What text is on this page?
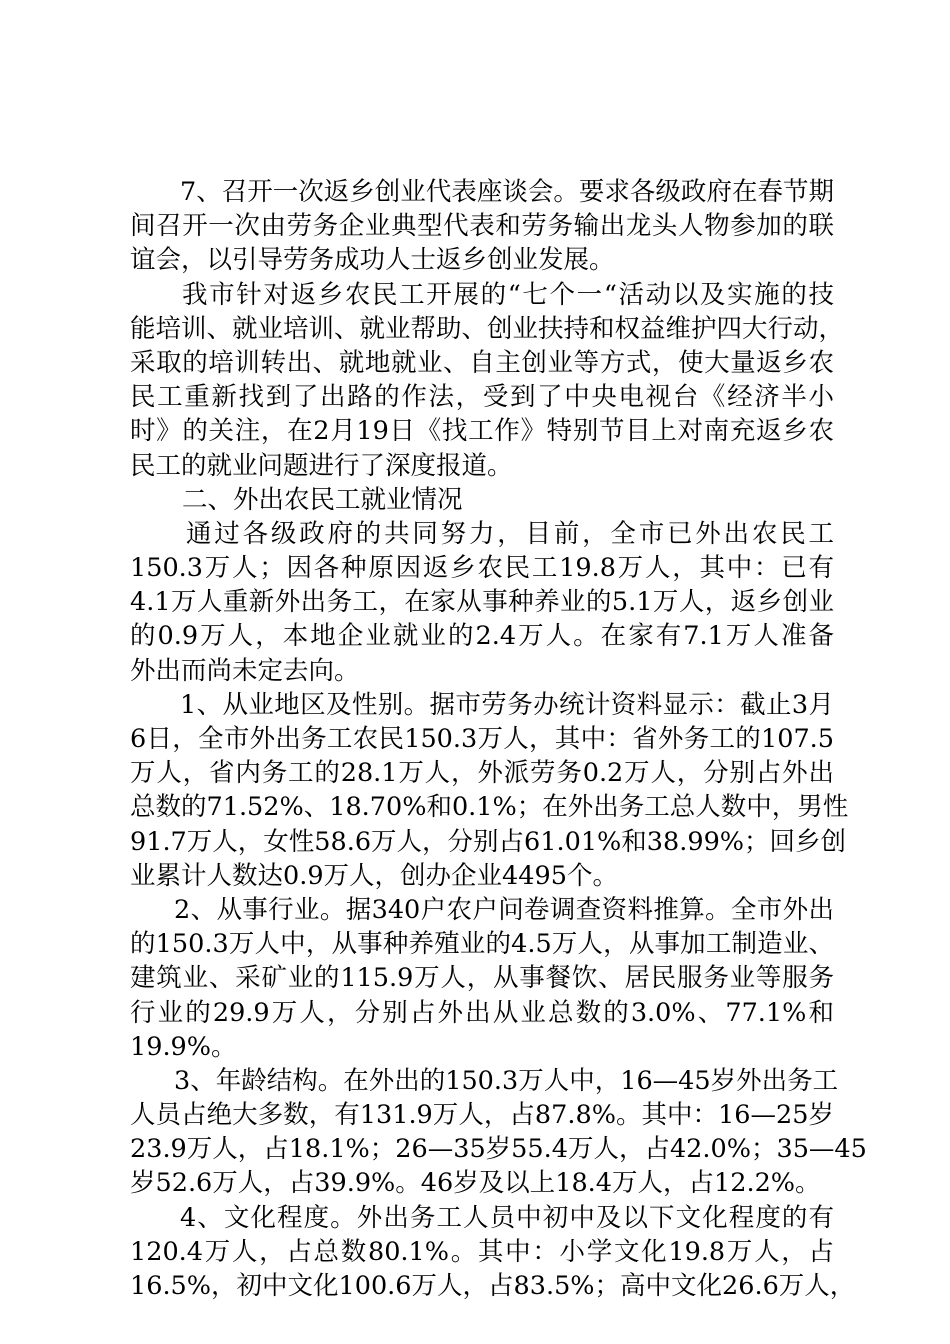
7、召开一次返乡创业代表座谈会。要求各级政府在春节期
间召开一次由劳务企业典型代表和劳务输出龙头人物参加的联
谊会，以引导劳务成功人士返乡创业发展。
我市针对返乡农民工开展的“七个一“活动以及实施的技
能培训、就业培训、就业帮助、创业扶持和权益维护四大行动，
采取的培训转出、就地就业、自主创业等方式，使大量返乡农
民工重新找到了出路的作法，受到了中央电视台《经济半小
时》的关注，在2月19日《找工作》特别节目上对南充返乡农
民工的就业问题进行了深度报道。
二、外出农民工就业情况
通过各级政府的共同努力，目前，全市已外出农民工
150.3万人；因各种原因返乡农民工19.8万人，其中：已有
4.1万人重新外出务工，在家从事种养业的5.1万人，返乡创业
的0.9万人，本地企业就业的2.4万人。在家有7.1万人准备
外出而尚未定去向。
1、从业地区及性别。据市劳务办统计资料显示：截止3月
6日，全市外出务工农民150.3万人，其中：省外务工的107.5
万人，省内务工的28.1万人，外派劳务0.2万人，分别占外出
总数的71.52%、18.70%和0.1%；在外出务工总人数中，男性
91.7万人，女性58.6万人，分别占61.01%和38.99%；回乡创
业累计人数达0.9万人，创办企业4495个。
2、从事行业。据340户农户问卷调查资料推算。全市外出
的150.3万人中，从事种养殖业的4.5万人，从事加工制造业、
建筑业、采矿业的115.9万人，从事餐饮、居民服务业等服务
行业的29.9万人，分别占外出从业总数的3.0%、77.1%和
19.9%。
3、年龄结构。在外出的150.3万人中，16—45岁外出务工
人员占绝大多数，有131.9万人，占87.8%。其中：16—25岁
23.9万人，占18.1%；26—35岁55.4万人，占42.0%；35—45
岁52.6万人，占39.9%。46岁及以上18.4万人，占12.2%。
4、文化程度。外出务工人员中初中及以下文化程度的有
120.4万人，占总数80.1%。其中：小学文化19.8万人，占
16.5%，初中文化100.6万人，占83.5%；高中文化26.6万人，
